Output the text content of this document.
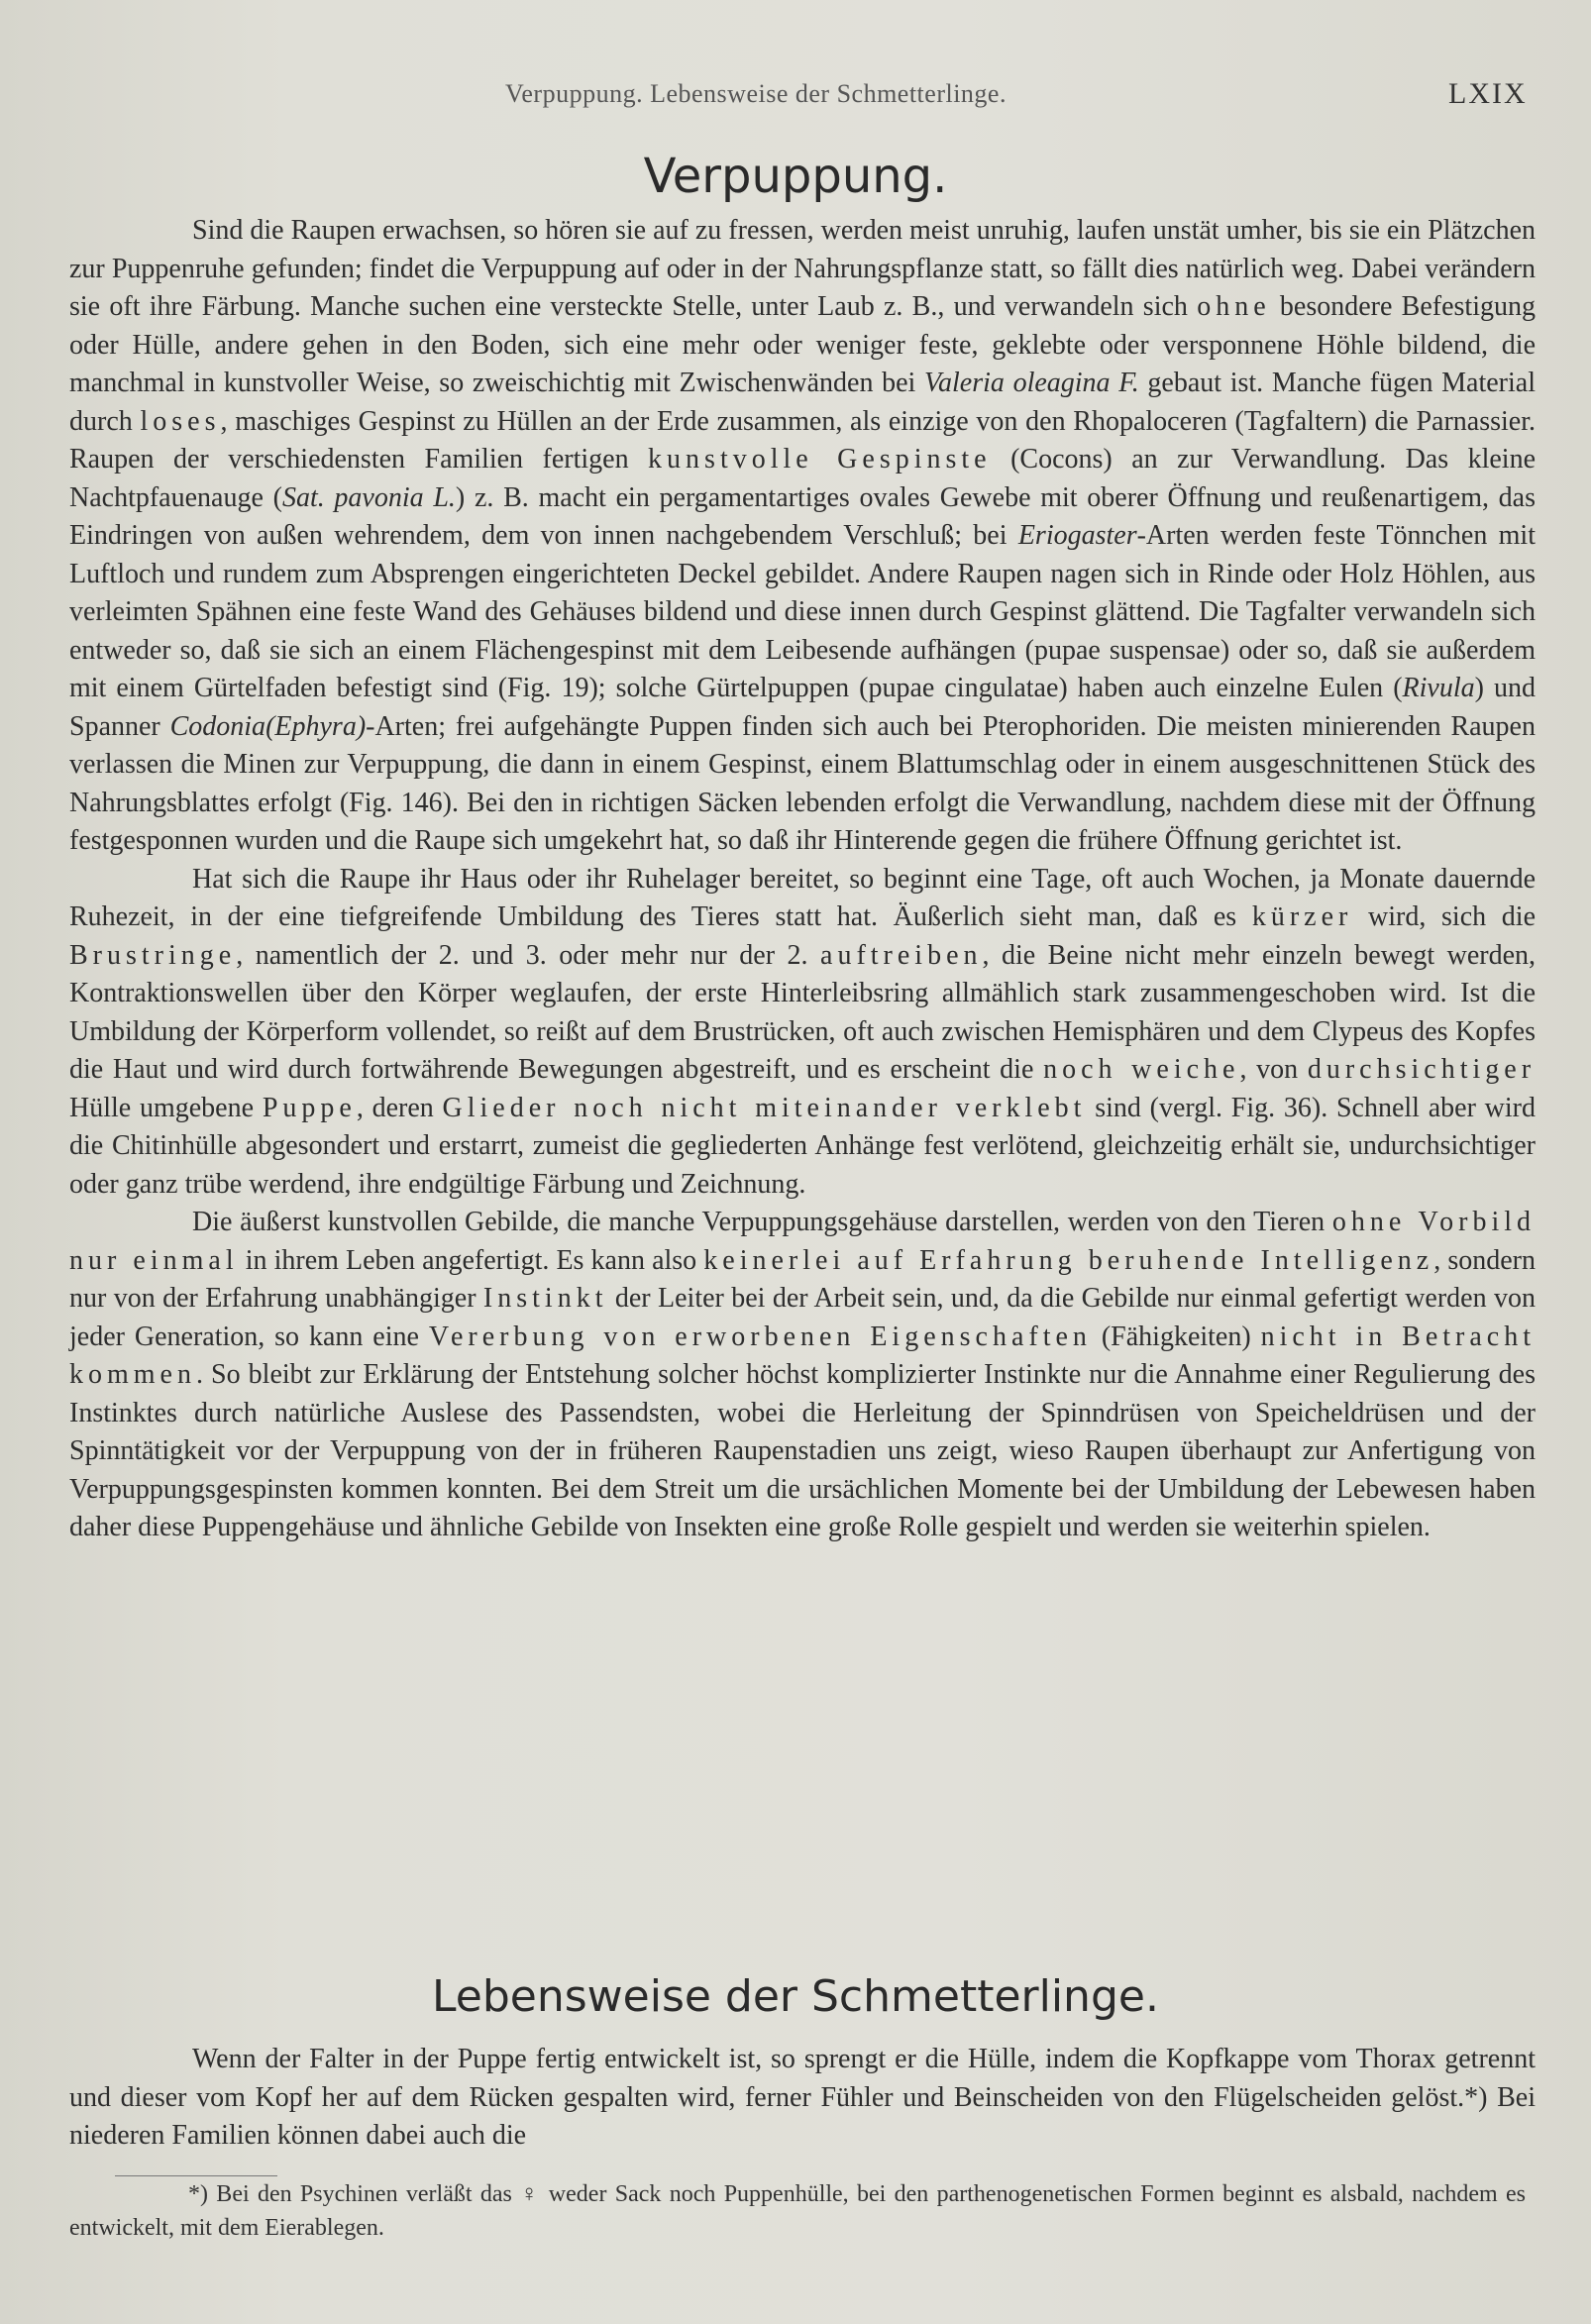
Verpuppung. Lebensweise der Schmetterlinge.	LXIX
Verpuppung.

Sind die Raupen erwachsen, so hören sie auf zu fressen, werden meist unruhig, laufen unstät umher, bis sie ein Plätzchen zur Puppenruhe gefunden; findet die Verpuppung auf oder in der Nahrungspflanze statt, so fällt dies natürlich weg. Dabei verändern sie oft ihre Färbung. Manche suchen eine versteckte Stelle, unter Laub z. B., und verwandeln sich ohne besondere Befestigung oder Hülle, andere gehen in den Boden, sich eine mehr oder weniger feste, geklebte oder versponnene Höhle bildend, die manchmal in kunstvoller Weise, so zweischichtig mit Zwischenwänden bei Valeria oleagina F. gebaut ist. Manche fügen Material durch loses, maschiges Gespinst zu Hüllen an der Erde zusammen, als einzige von den Rhopaloceren (Tagfaltern) die Parnassier. Raupen der verschiedensten Familien fertigen kunstvolle Gespinste (Cocons) an zur Verwandlung. Das kleine Nachtpfauenauge (Sat. pavonia L.) z. B. macht ein pergamentartiges ovales Gewebe mit oberer Öffnung und reußenartigem, das Eindringen von außen wehrendem, dem von innen nachgebendem Verschluß; bei Eriogaster-Arten werden feste Tönnchen mit Luftloch und rundem zum Absprengen eingerichteten Deckel gebildet. Andere Raupen nagen sich in Rinde oder Holz Höhlen, aus verleimten Spähnen eine feste Wand des Gehäuses bildend und diese innen durch Gespinst glättend. Die Tagfalter verwandeln sich entweder so, daß sie sich an einem Flächengespinst mit dem Leibesende aufhängen (pupae suspensae) oder so, daß sie außerdem mit einem Gürtelfaden befestigt sind (Fig. 19); solche Gürtelpuppen (pupae cingulatae) haben auch einzelne Eulen (Rivula) und Spanner Codonia(Ephyra)-Arten; frei aufgehängte Puppen finden sich auch bei Pterophoriden. Die meisten minierenden Raupen verlassen die Minen zur Verpuppung, die dann in einem Gespinst, einem Blattumschlag oder in einem ausgeschnittenen Stück des Nahrungsblattes erfolgt (Fig. 146). Bei den in richtigen Säcken lebenden erfolgt die Verwandlung, nachdem diese mit der Öffnung festgesponnen wurden und die Raupe sich umgekehrt hat, so daß ihr Hinterende gegen die frühere Öffnung gerichtet ist.

Hat sich die Raupe ihr Haus oder ihr Ruhelager bereitet, so beginnt eine Tage, oft auch Wochen, ja Monate dauernde Ruhezeit, in der eine tiefgreifende Umbildung des Tieres statt hat. Äußerlich sieht man, daß es kürzer wird, sich die Brustringe, namentlich der 2. und 3. oder mehr nur der 2. auftreiben, die Beine nicht mehr einzeln bewegt werden, Kontraktionswellen über den Körper weglaufen, der erste Hinterleibsring allmählich stark zusammengeschoben wird. Ist die Umbildung der Körperform vollendet, so reißt auf dem Brustrücken, oft auch zwischen Hemisphären und dem Clypeus des Kopfes die Haut und wird durch fortwährende Bewegungen abgestreift, und es erscheint die noch weiche, von durchsichtiger Hülle umgebene Puppe, deren Glieder noch nicht miteinander verklebt sind (vergl. Fig. 36). Schnell aber wird die Chitinhülle abgesondert und erstarrt, zumeist die gegliederten Anhänge fest verlötend, gleichzeitig erhält sie, undurchsichtiger oder ganz trübe werdend, ihre endgültige Färbung und Zeichnung.

Die äußerst kunstvollen Gebilde, die manche Verpuppungsgehäuse darstellen, werden von den Tieren ohne Vorbild nur einmal in ihrem Leben angefertigt. Es kann also keinerlei auf Erfahrung beruhende Intelligenz, sondern nur von der Erfahrung unabhängiger Instinkt der Leiter bei der Arbeit sein, und, da die Gebilde nur einmal gefertigt werden von jeder Generation, so kann eine Vererbung von erworbenen Eigenschaften (Fähigkeiten) nicht in Betracht kommen. So bleibt zur Erklärung der Entstehung solcher höchst komplizierter Instinkte nur die Annahme einer Regulierung des Instinktes durch natürliche Auslese des Passendsten, wobei die Herleitung der Spinndrüsen von Speicheldrüsen und der Spinntätigkeit vor der Verpuppung von der in früheren Raupenstadien uns zeigt, wieso Raupen überhaupt zur Anfertigung von Verpuppungsgespinsten kommen konnten. Bei dem Streit um die ursächlichen Momente bei der Umbildung der Lebewesen haben daher diese Puppengehäuse und ähnliche Gebilde von Insekten eine große Rolle gespielt und werden sie weiterhin spielen.

Lebensweise der Schmetterlinge.

Wenn der Falter in der Puppe fertig entwickelt ist, so sprengt er die Hülle, indem die Kopfkappe vom Thorax getrennt und dieser vom Kopf her auf dem Rücken gespalten wird, ferner Fühler und Beinscheiden von den Flügelscheiden gelöst.*) Bei niederen Familien können dabei auch die

*) Bei den Psychinen verläßt das ♀ weder Sack noch Puppenhülle, bei den parthenogenetischen Formen beginnt es alsbald, nachdem es entwickelt, mit dem Eierablegen.
